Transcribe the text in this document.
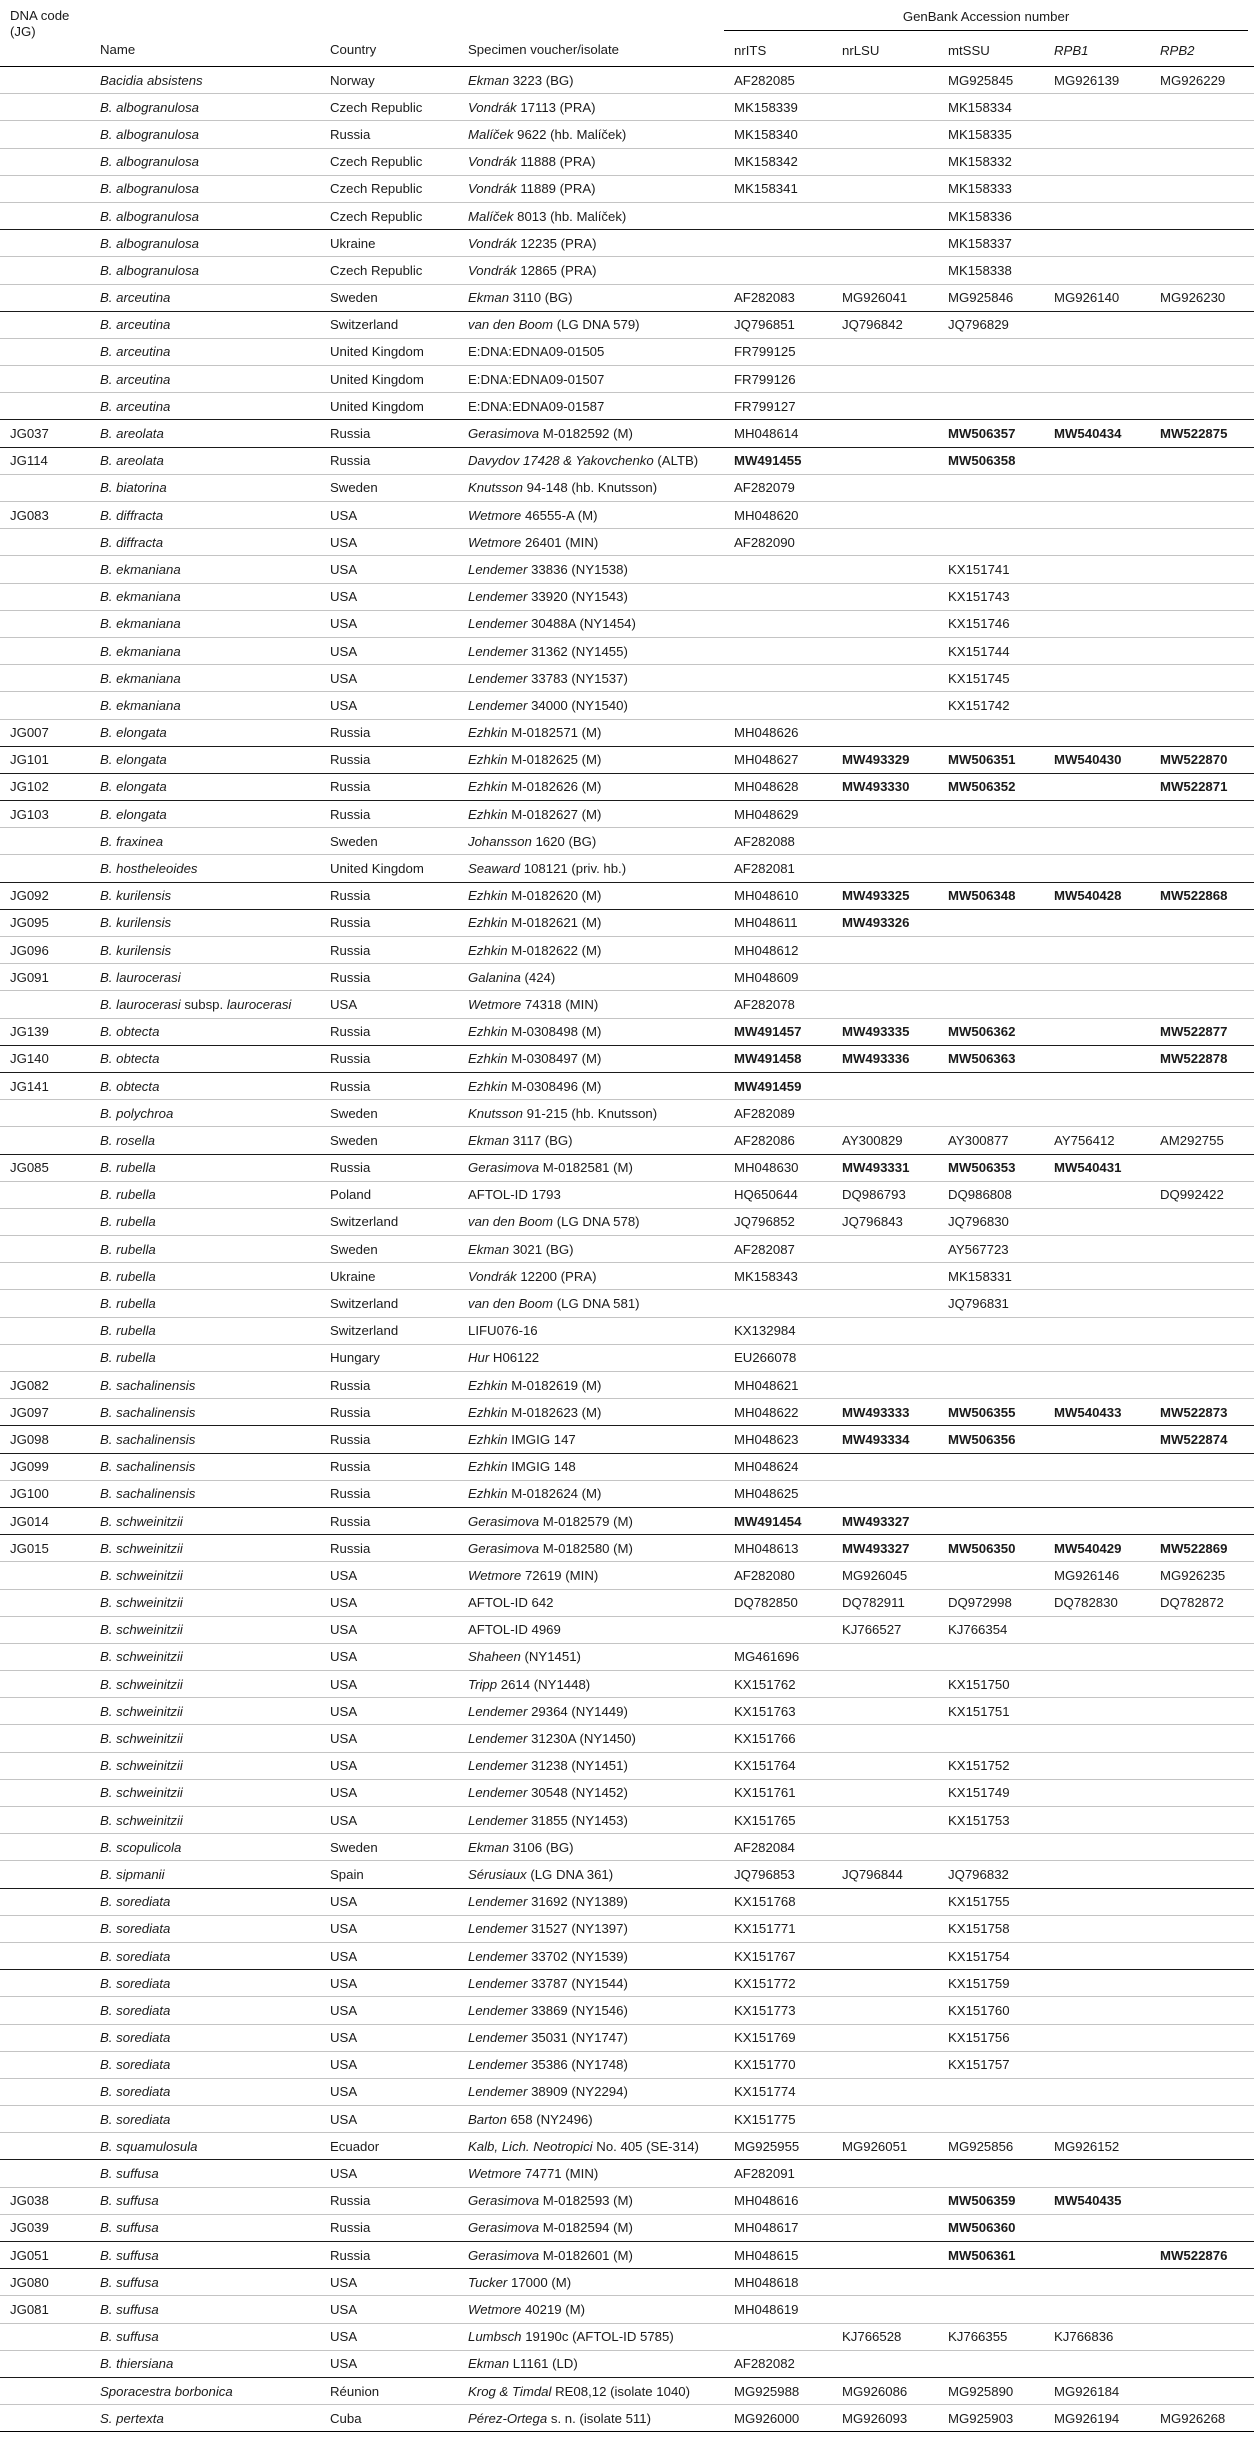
DNA code (JG)	Name	Country	Specimen voucher/isolate	GenBank Accession number				

				nrITS	nrLSU	mtSSU	RPB1	RPB2
	Bacidia absistens	Norway	Ekman 3223 (BG)	AF282085		MG925845	MG926139	MG926229
	B. albogranulosa	Czech Republic	Vondrák 17113 (PRA)	MK158339		MK158334		
	B. albogranulosa	Russia	Malíček 9622 (hb. Malíček)	MK158340		MK158335		
	B. albogranulosa	Czech Republic	Vondrák 11888 (PRA)	MK158342		MK158332		
	B. albogranulosa	Czech Republic	Vondrák 11889 (PRA)	MK158341		MK158333		
	B. albogranulosa	Czech Republic	Malíček 8013 (hb. Malíček)			MK158336		
	B. albogranulosa	Ukraine	Vondrák 12235 (PRA)			MK158337		
	B. albogranulosa	Czech Republic	Vondrák 12865 (PRA)			MK158338		
	B. arceutina	Sweden	Ekman 3110 (BG)	AF282083	MG926041	MG925846	MG926140	MG926230
	B. arceutina	Switzerland	van den Boom (LG DNA 579)	JQ796851	JQ796842	JQ796829		
	B. arceutina	United Kingdom	E:DNA:EDNA09-01505	FR799125				
	B. arceutina	United Kingdom	E:DNA:EDNA09-01507	FR799126				
	B. arceutina	United Kingdom	E:DNA:EDNA09-01587	FR799127				
JG037	B. areolata	Russia	Gerasimova M-0182592 (M)	MH048614		MW506357	MW540434	MW522875
JG114	B. areolata	Russia	Davydov 17428 & Yakovchenko (ALTB)	MW491455		MW506358		
	B. biatorina	Sweden	Knutsson 94-148 (hb. Knutsson)	AF282079				
JG083	B. diffracta	USA	Wetmore 46555-A (M)	MH048620				
	B. diffracta	USA	Wetmore 26401 (MIN)	AF282090				
	B. ekmaniana	USA	Lendemer 33836 (NY1538)			KX151741		
	B. ekmaniana	USA	Lendemer 33920 (NY1543)			KX151743		
	B. ekmaniana	USA	Lendemer 30488A (NY1454)			KX151746		
	B. ekmaniana	USA	Lendemer 31362 (NY1455)			KX151744		
	B. ekmaniana	USA	Lendemer 33783 (NY1537)			KX151745		
	B. ekmaniana	USA	Lendemer 34000 (NY1540)			KX151742		
JG007	B. elongata	Russia	Ezhkin M-0182571 (M)	MH048626				
JG101	B. elongata	Russia	Ezhkin M-0182625 (M)	MH048627	MW493329	MW506351	MW540430	MW522870
JG102	B. elongata	Russia	Ezhkin M-0182626 (M)	MH048628	MW493330	MW506352		MW522871
JG103	B. elongata	Russia	Ezhkin M-0182627 (M)	MH048629				
	B. fraxinea	Sweden	Johansson 1620 (BG)	AF282088				
	B. hostheleoides	United Kingdom	Seaward 108121 (priv. hb.)	AF282081				
JG092	B. kurilensis	Russia	Ezhkin M-0182620 (M)	MH048610	MW493325	MW506348	MW540428	MW522868
JG095	B. kurilensis	Russia	Ezhkin M-0182621 (M)	MH048611	MW493326			
JG096	B. kurilensis	Russia	Ezhkin M-0182622 (M)	MH048612				
JG091	B. laurocerasi	Russia	Galanina (424)	MH048609				
	B. laurocerasi subsp. laurocerasi	USA	Wetmore 74318 (MIN)	AF282078				
JG139	B. obtecta	Russia	Ezhkin M-0308498 (M)	MW491457	MW493335	MW506362		MW522877
JG140	B. obtecta	Russia	Ezhkin M-0308497 (M)	MW491458	MW493336	MW506363		MW522878
JG141	B. obtecta	Russia	Ezhkin M-0308496 (M)	MW491459				
	B. polychroa	Sweden	Knutsson 91-215 (hb. Knutsson)	AF282089				
	B. rosella	Sweden	Ekman 3117 (BG)	AF282086	AY300829	AY300877	AY756412	AM292755
JG085	B. rubella	Russia	Gerasimova M-0182581 (M)	MH048630	MW493331	MW506353	MW540431	
	B. rubella	Poland	AFTOL-ID 1793	HQ650644	DQ986793	DQ986808		DQ992422
	B. rubella	Switzerland	van den Boom (LG DNA 578)	JQ796852	JQ796843	JQ796830		
	B. rubella	Sweden	Ekman 3021 (BG)	AF282087		AY567723		
	B. rubella	Ukraine	Vondrák 12200 (PRA)	MK158343		MK158331		
	B. rubella	Switzerland	van den Boom (LG DNA 581)			JQ796831		
	B. rubella	Switzerland	LIFU076-16	KX132984				
	B. rubella	Hungary	Hur H06122	EU266078				
JG082	B. sachalinensis	Russia	Ezhkin M-0182619 (M)	MH048621				
JG097	B. sachalinensis	Russia	Ezhkin M-0182623 (M)	MH048622	MW493333	MW506355	MW540433	MW522873
JG098	B. sachalinensis	Russia	Ezhkin IMGIG 147	MH048623	MW493334	MW506356		MW522874
JG099	B. sachalinensis	Russia	Ezhkin IMGIG 148	MH048624				
JG100	B. sachalinensis	Russia	Ezhkin M-0182624 (M)	MH048625				
JG014	B. schweinitzii	Russia	Gerasimova M-0182579 (M)	MW491454	MW493327			
JG015	B. schweinitzii	Russia	Gerasimova M-0182580 (M)	MH048613	MW493327	MW506350	MW540429	MW522869
	B. schweinitzii	USA	Wetmore 72619 (MIN)	AF282080	MG926045		MG926146	MG926235
	B. schweinitzii	USA	AFTOL-ID 642	DQ782850	DQ782911	DQ972998	DQ782830	DQ782872
	B. schweinitzii	USA	AFTOL-ID 4969		KJ766527	KJ766354		
	B. schweinitzii	USA	Shaheen (NY1451)	MG461696				
	B. schweinitzii	USA	Tripp 2614 (NY1448)	KX151762		KX151750		
	B. schweinitzii	USA	Lendemer 29364 (NY1449)	KX151763		KX151751		
	B. schweinitzii	USA	Lendemer 31230A (NY1450)	KX151766				
	B. schweinitzii	USA	Lendemer 31238 (NY1451)	KX151764		KX151752		
	B. schweinitzii	USA	Lendemer 30548 (NY1452)	KX151761		KX151749		
	B. schweinitzii	USA	Lendemer 31855 (NY1453)	KX151765		KX151753		
	B. scopulicola	Sweden	Ekman 3106 (BG)	AF282084				
	B. sipmanii	Spain	Sérusiaux (LG DNA 361)	JQ796853	JQ796844	JQ796832		
	B. sorediata	USA	Lendemer 31692 (NY1389)	KX151768		KX151755		
	B. sorediata	USA	Lendemer 31527 (NY1397)	KX151771		KX151758		
	B. sorediata	USA	Lendemer 33702 (NY1539)	KX151767		KX151754		
	B. sorediata	USA	Lendemer 33787 (NY1544)	KX151772		KX151759		
	B. sorediata	USA	Lendemer 33869 (NY1546)	KX151773		KX151760		
	B. sorediata	USA	Lendemer 35031 (NY1747)	KX151769		KX151756		
	B. sorediata	USA	Lendemer 35386 (NY1748)	KX151770		KX151757		
	B. sorediata	USA	Lendemer 38909 (NY2294)	KX151774				
	B. sorediata	USA	Barton 658 (NY2496)	KX151775				
	B. squamulosula	Ecuador	Kalb, Lich. Neotropici No. 405 (SE-314)	MG925955	MG926051	MG925856	MG926152	
	B. suffusa	USA	Wetmore 74771 (MIN)	AF282091				
JG038	B. suffusa	Russia	Gerasimova M-0182593 (M)	MH048616		MW506359	MW540435	
JG039	B. suffusa	Russia	Gerasimova M-0182594 (M)	MH048617		MW506360		
JG051	B. suffusa	Russia	Gerasimova M-0182601 (M)	MH048615		MW506361		MW522876
JG080	B. suffusa	USA	Tucker 17000 (M)	MH048618				
JG081	B. suffusa	USA	Wetmore 40219 (M)	MH048619				
	B. suffusa	USA	Lumbsch 19190c (AFTOL-ID 5785)		KJ766528	KJ766355	KJ766836	
	B. thiersiana	USA	Ekman L1161 (LD)	AF282082				
	Sporacestra borbonica	Réunion	Krog & Timdal RE08,12 (isolate 1040)	MG925988	MG926086	MG925890	MG926184	
	S. pertexta	Cuba	Pérez-Ortega s. n. (isolate 511)	MG926000	MG926093	MG925903	MG926194	MG926268
